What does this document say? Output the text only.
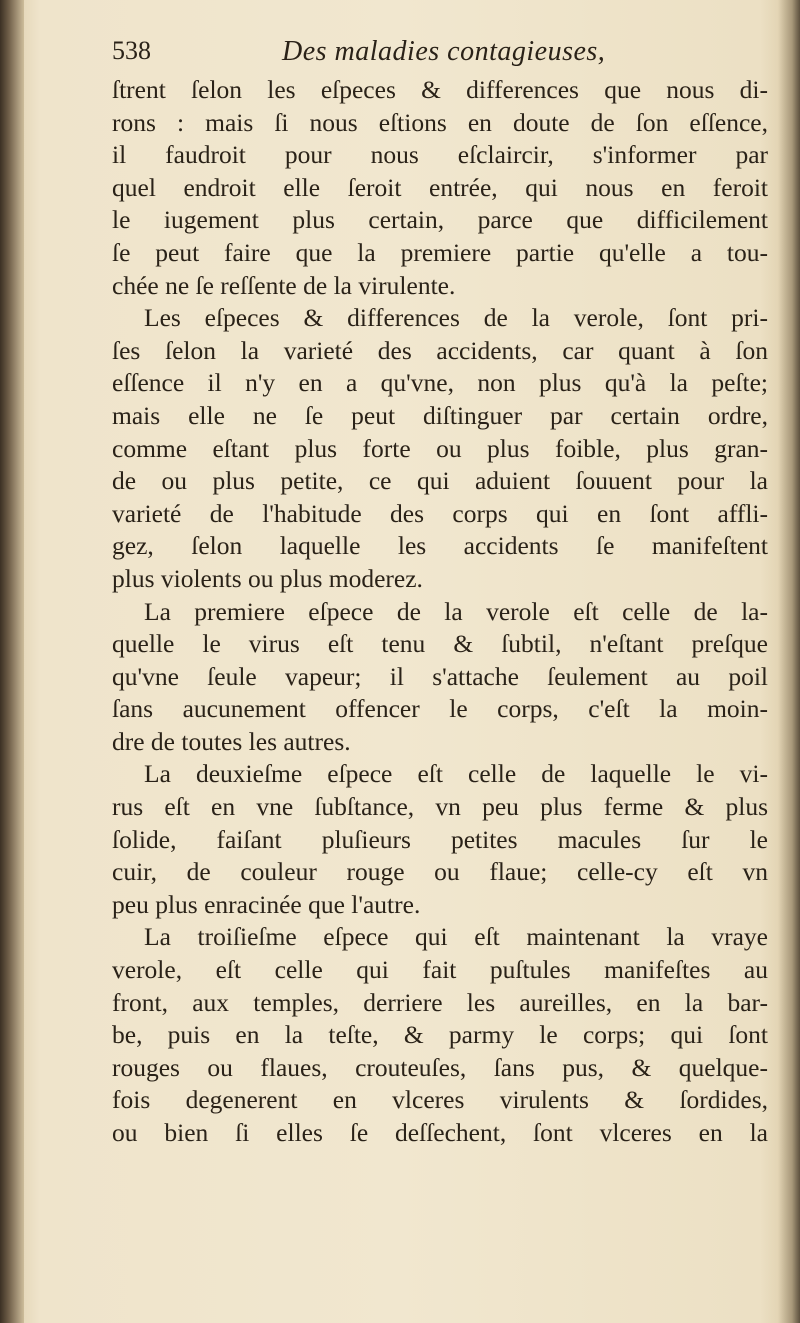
538	Des maladies contagieuses,
ſtrent ſelon les eſpeces & differences que nous di-
rons : mais ſi nous eſtions en doute de ſon eſſence,
il faudroit pour nous eſclaircir, s'informer par
quel endroit elle ſeroit entrée, qui nous en feroit
le iugement plus certain, parce que difficilement
ſe peut faire que la premiere partie qu'elle a tou-
chée ne ſe reſſente de la virulente.
Les eſpeces & differences de la verole, ſont pri-
ſes ſelon la varieté des accidents, car quant à ſon
eſſence il n'y en a qu'vne, non plus qu'à la peſte;
mais elle ne ſe peut diſtinguer par certain ordre,
comme eſtant plus forte ou plus foible, plus gran-
de ou plus petite, ce qui aduient ſouuent pour la
varieté de l'habitude des corps qui en ſont affli-
gez, ſelon laquelle les accidents ſe manifeſtent
plus violents ou plus moderez.
La premiere eſpece de la verole eſt celle de la-
quelle le virus eſt tenu & ſubtil, n'eſtant preſque
qu'vne ſeule vapeur; il s'attache ſeulement au poil
ſans aucunement offencer le corps, c'eſt la moin-
dre de toutes les autres.
La deuxieſme eſpece eſt celle de laquelle le vi-
rus eſt en vne ſubſtance, vn peu plus ferme & plus
ſolide, faiſant pluſieurs petites macules ſur le
cuir, de couleur rouge ou flaue; celle-cy eſt vn
peu plus enracinée que l'autre.
La troiſieſme eſpece qui eſt maintenant la vraye
verole, eſt celle qui fait puſtules manifeſtes au
front, aux temples, derriere les aureilles, en la bar-
be, puis en la teſte, & parmy le corps; qui ſont
rouges ou flaues, crouteuſes, ſans pus, & quelque-
fois degenerent en vlceres virulents & ſordides,
ou bien ſi elles ſe deſſechent, ſont vlceres en la
